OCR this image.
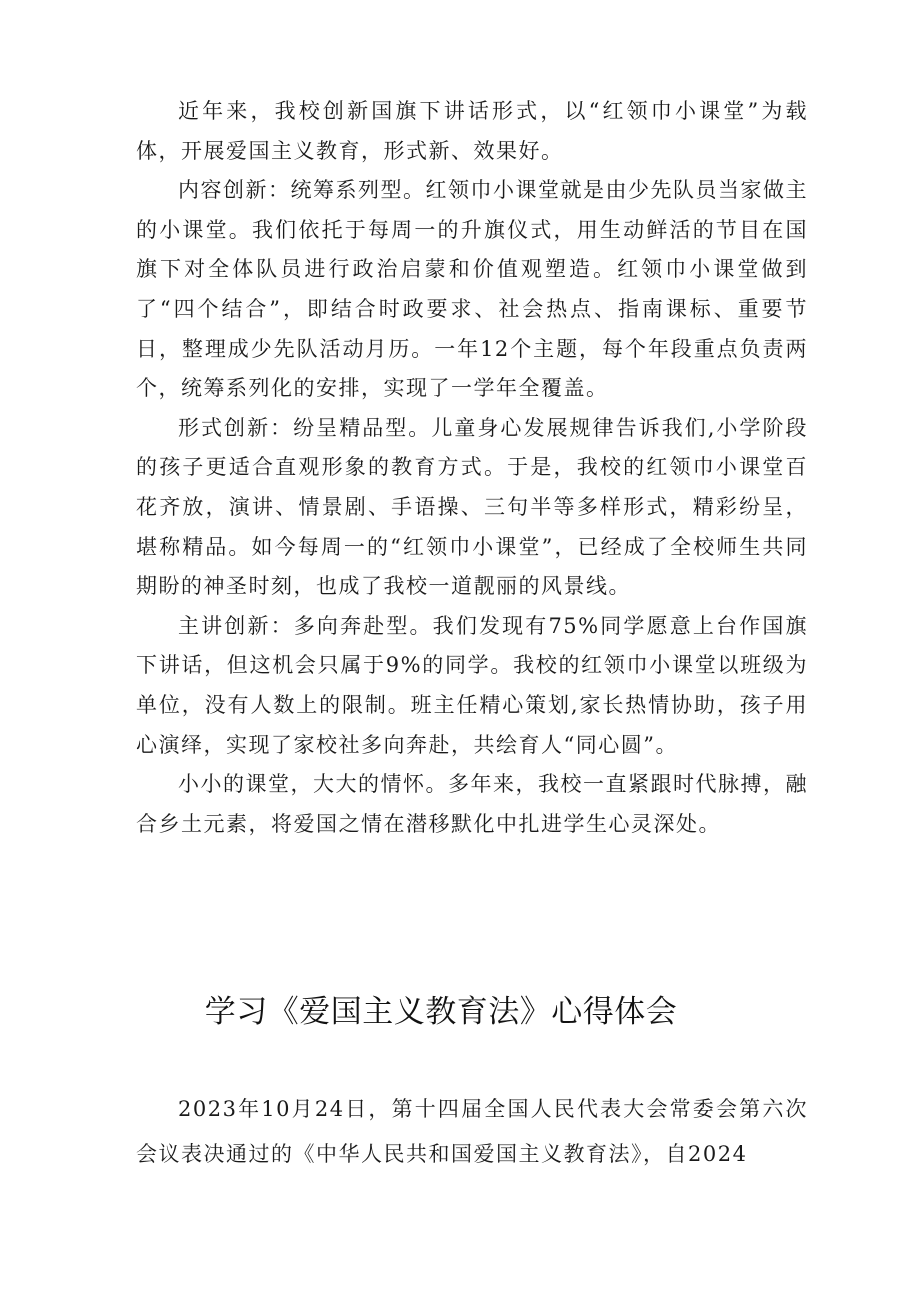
近年来，我校创新国旗下讲话形式，以“红领巾小课堂”为载体，开展爱国主义教育，形式新、效果好。

内容创新：统筹系列型。红领巾小课堂就是由少先队员当家做主的小课堂。我们依托于每周一的升旗仪式，用生动鲜活的节目在国旗下对全体队员进行政治启蒙和价值观塑造。红领巾小课堂做到了“四个结合”，即结合时政要求、社会热点、指南课标、重要节日，整理成少先队活动月历。一年12个主题，每个年段重点负责两个，统筹系列化的安排，实现了一学年全覆盖。

形式创新：纷呈精品型。儿童身心发展规律告诉我们,小学阶段的孩子更适合直观形象的教育方式。于是，我校的红领巾小课堂百花齐放，演讲、情景剧、手语操、三句半等多样形式，精彩纷呈，堪称精品。如今每周一的“红领巾小课堂”，已经成了全校师生共同期盼的神圣时刻，也成了我校一道靓丽的风景线。

主讲创新：多向奔赴型。我们发现有75%同学愿意上台作国旗下讲话，但这机会只属于9%的同学。我校的红领巾小课堂以班级为单位，没有人数上的限制。班主任精心策划,家长热情协助，孩子用心演绎，实现了家校社多向奔赴，共绘育人“同心圆”。

小小的课堂，大大的情怀。多年来，我校一直紧跟时代脉搏，融合乡土元素，将爱国之情在潜移默化中扎进学生心灵深处。

学习《爱国主义教育法》心得体会

2023年10月24日，第十四届全国人民代表大会常委会第六次会议表决通过的《中华人民共和国爱国主义教育法》，自2024
